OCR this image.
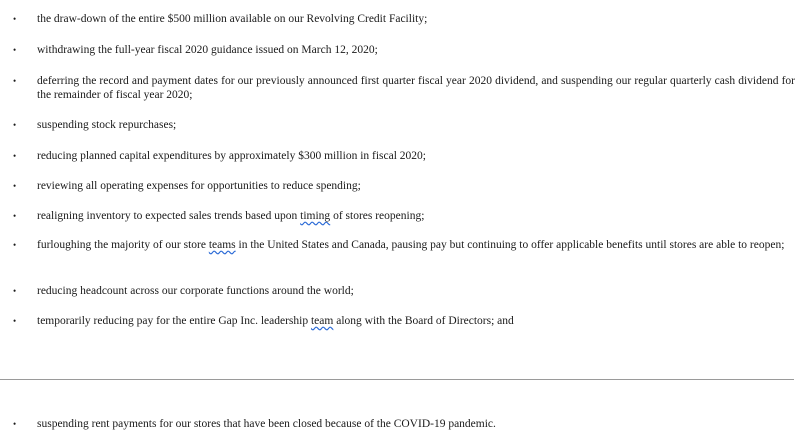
• the draw-down of the entire $500 million available on our Revolving Credit Facility;
• withdrawing the full-year fiscal 2020 guidance issued on March 12, 2020;
• deferring the record and payment dates for our previously announced first quarter fiscal year 2020 dividend, and suspending our regular quarterly cash dividend for the remainder of fiscal year 2020;
• suspending stock repurchases;
• reducing planned capital expenditures by approximately $300 million in fiscal 2020;
• reviewing all operating expenses for opportunities to reduce spending;
• realigning inventory to expected sales trends based upon timing of stores reopening;
• furloughing the majority of our store teams in the United States and Canada, pausing pay but continuing to offer applicable benefits until stores are able to reopen;
• reducing headcount across our corporate functions around the world;
• temporarily reducing pay for the entire Gap Inc. leadership team along with the Board of Directors; and
• suspending rent payments for our stores that have been closed because of the COVID-19 pandemic.
